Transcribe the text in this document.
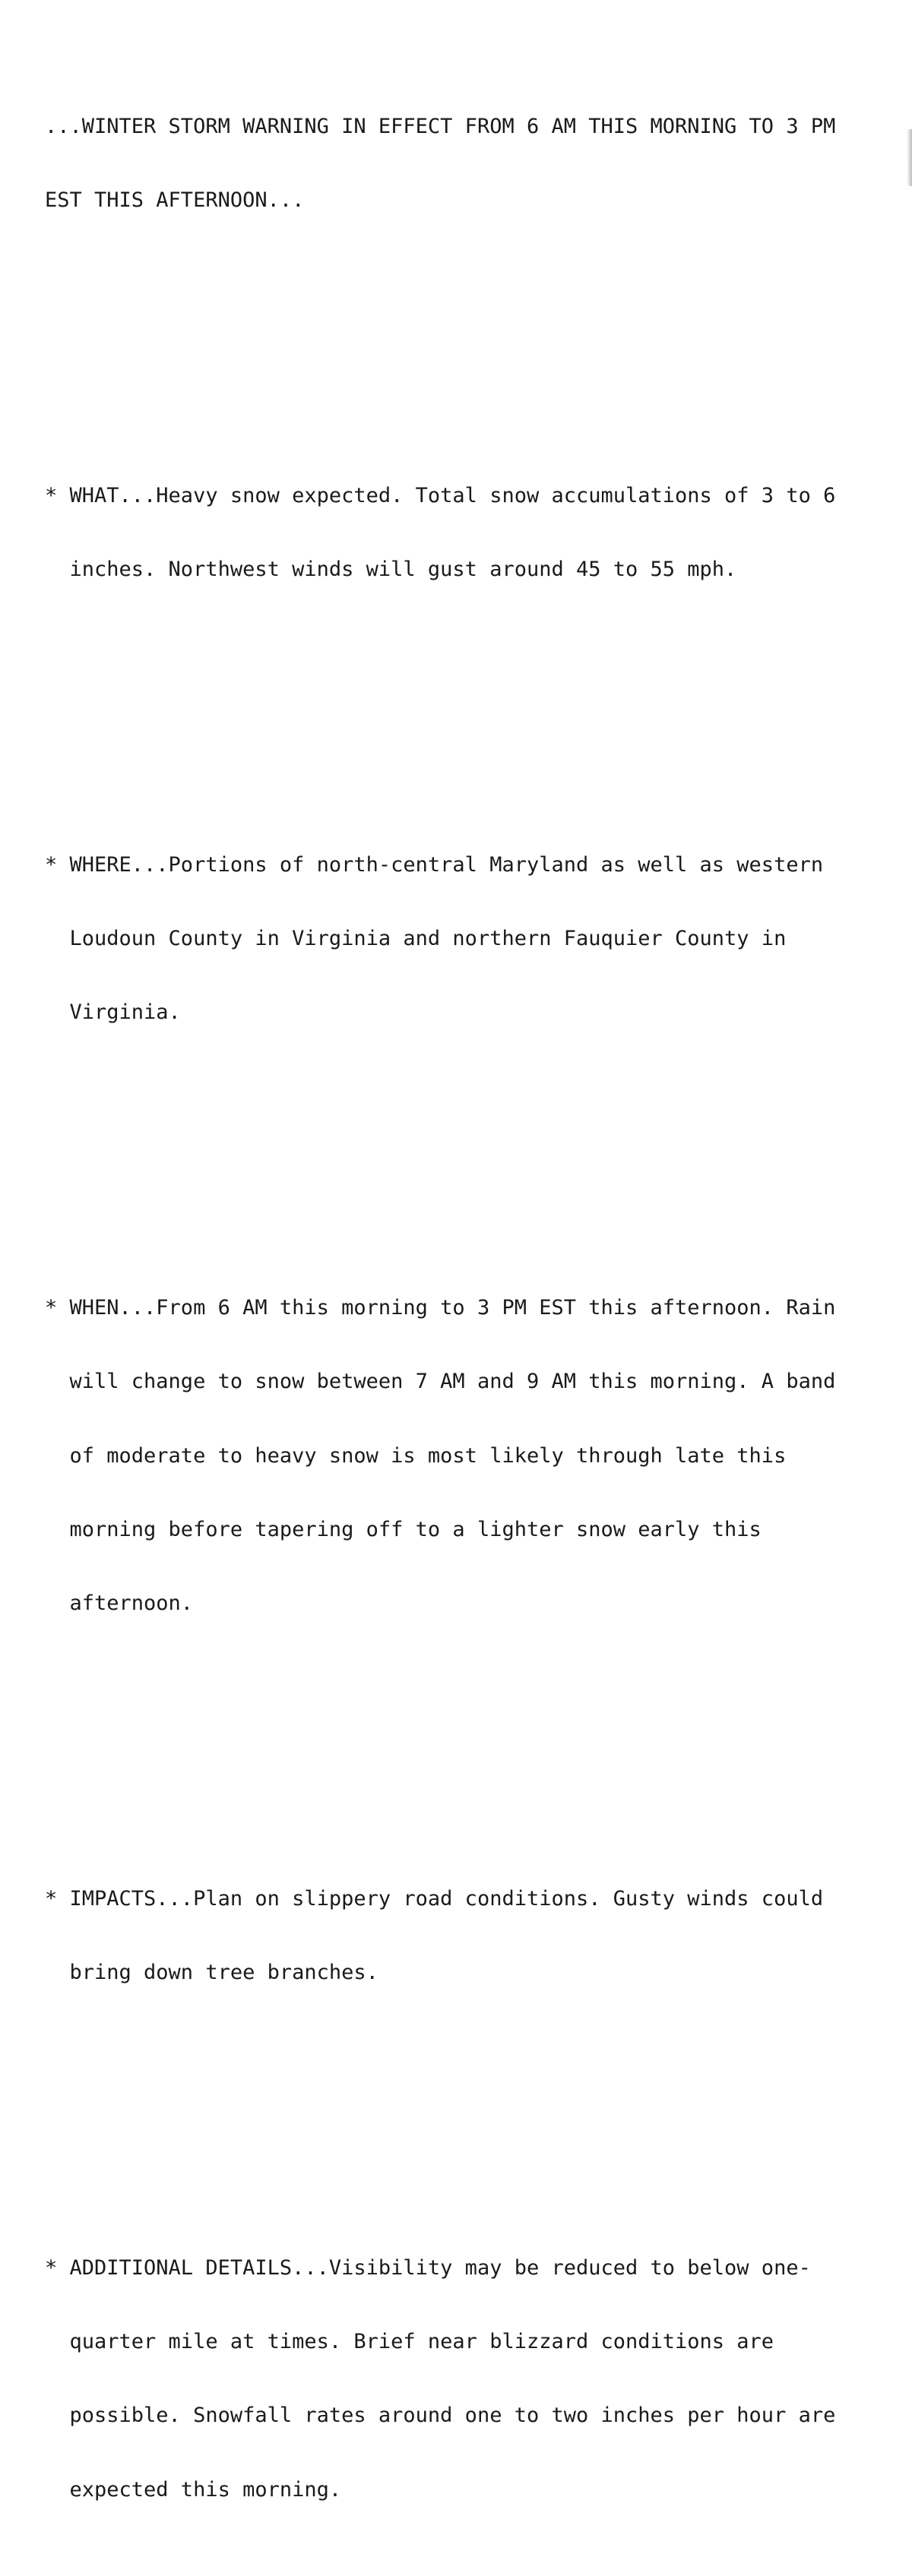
...WINTER STORM WARNING IN EFFECT FROM 6 AM THIS MORNING TO 3 PM

EST THIS AFTERNOON...

* WHAT...Heavy snow expected. Total snow accumulations of 3 to 6

inches. Northwest winds will gust around 45 to 55 mph.

* WHERE...Portions of north-central Maryland as well as western

Loudoun County in Virginia and northern Fauquier County in

Virginia.

* WHEN...From 6 AM this morning to 3 PM EST this afternoon. Rain

will change to snow between 7 AM and 9 AM this morning. A band

of moderate to heavy snow is most likely through late this

morning before tapering off to a lighter snow early this

afternoon.

* IMPACTS...Plan on slippery road conditions. Gusty winds could

bring down tree branches.

* ADDITIONAL DETAILS...Visibility may be reduced to below one-

quarter mile at times. Brief near blizzard conditions are

possible. Snowfall rates around one to two inches per hour are

expected this morning.
